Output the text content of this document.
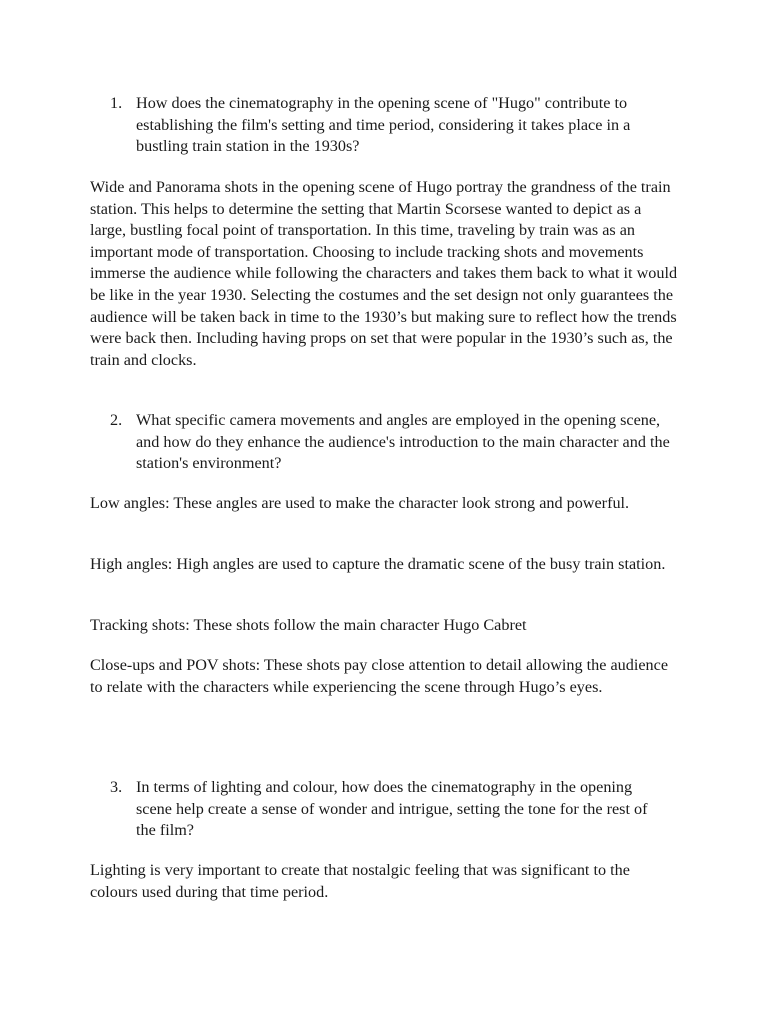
1. How does the cinematography in the opening scene of "Hugo" contribute to establishing the film's setting and time period, considering it takes place in a bustling train station in the 1930s?

Wide and Panorama shots in the opening scene of Hugo portray the grandness of the train station. This helps to determine the setting that Martin Scorsese wanted to depict as a large, bustling focal point of transportation. In this time, traveling by train was as an important mode of transportation. Choosing to include tracking shots and movements immerse the audience while following the characters and takes them back to what it would be like in the year 1930. Selecting the costumes and the set design not only guarantees the audience will be taken back in time to the 1930’s but making sure to reflect how the trends were back then. Including having props on set that were popular in the 1930’s such as, the train and clocks.

2. What specific camera movements and angles are employed in the opening scene, and how do they enhance the audience's introduction to the main character and the station's environment?

Low angles: These angles are used to make the character look strong and powerful.

High angles: High angles are used to capture the dramatic scene of the busy train station.

Tracking shots: These shots follow the main character Hugo Cabret

Close-ups and POV shots: These shots pay close attention to detail allowing the audience to relate with the characters while experiencing the scene through Hugo’s eyes.

3. In terms of lighting and colour, how does the cinematography in the opening scene help create a sense of wonder and intrigue, setting the tone for the rest of the film?

Lighting is very important to create that nostalgic feeling that was significant to the colours used during that time period.
